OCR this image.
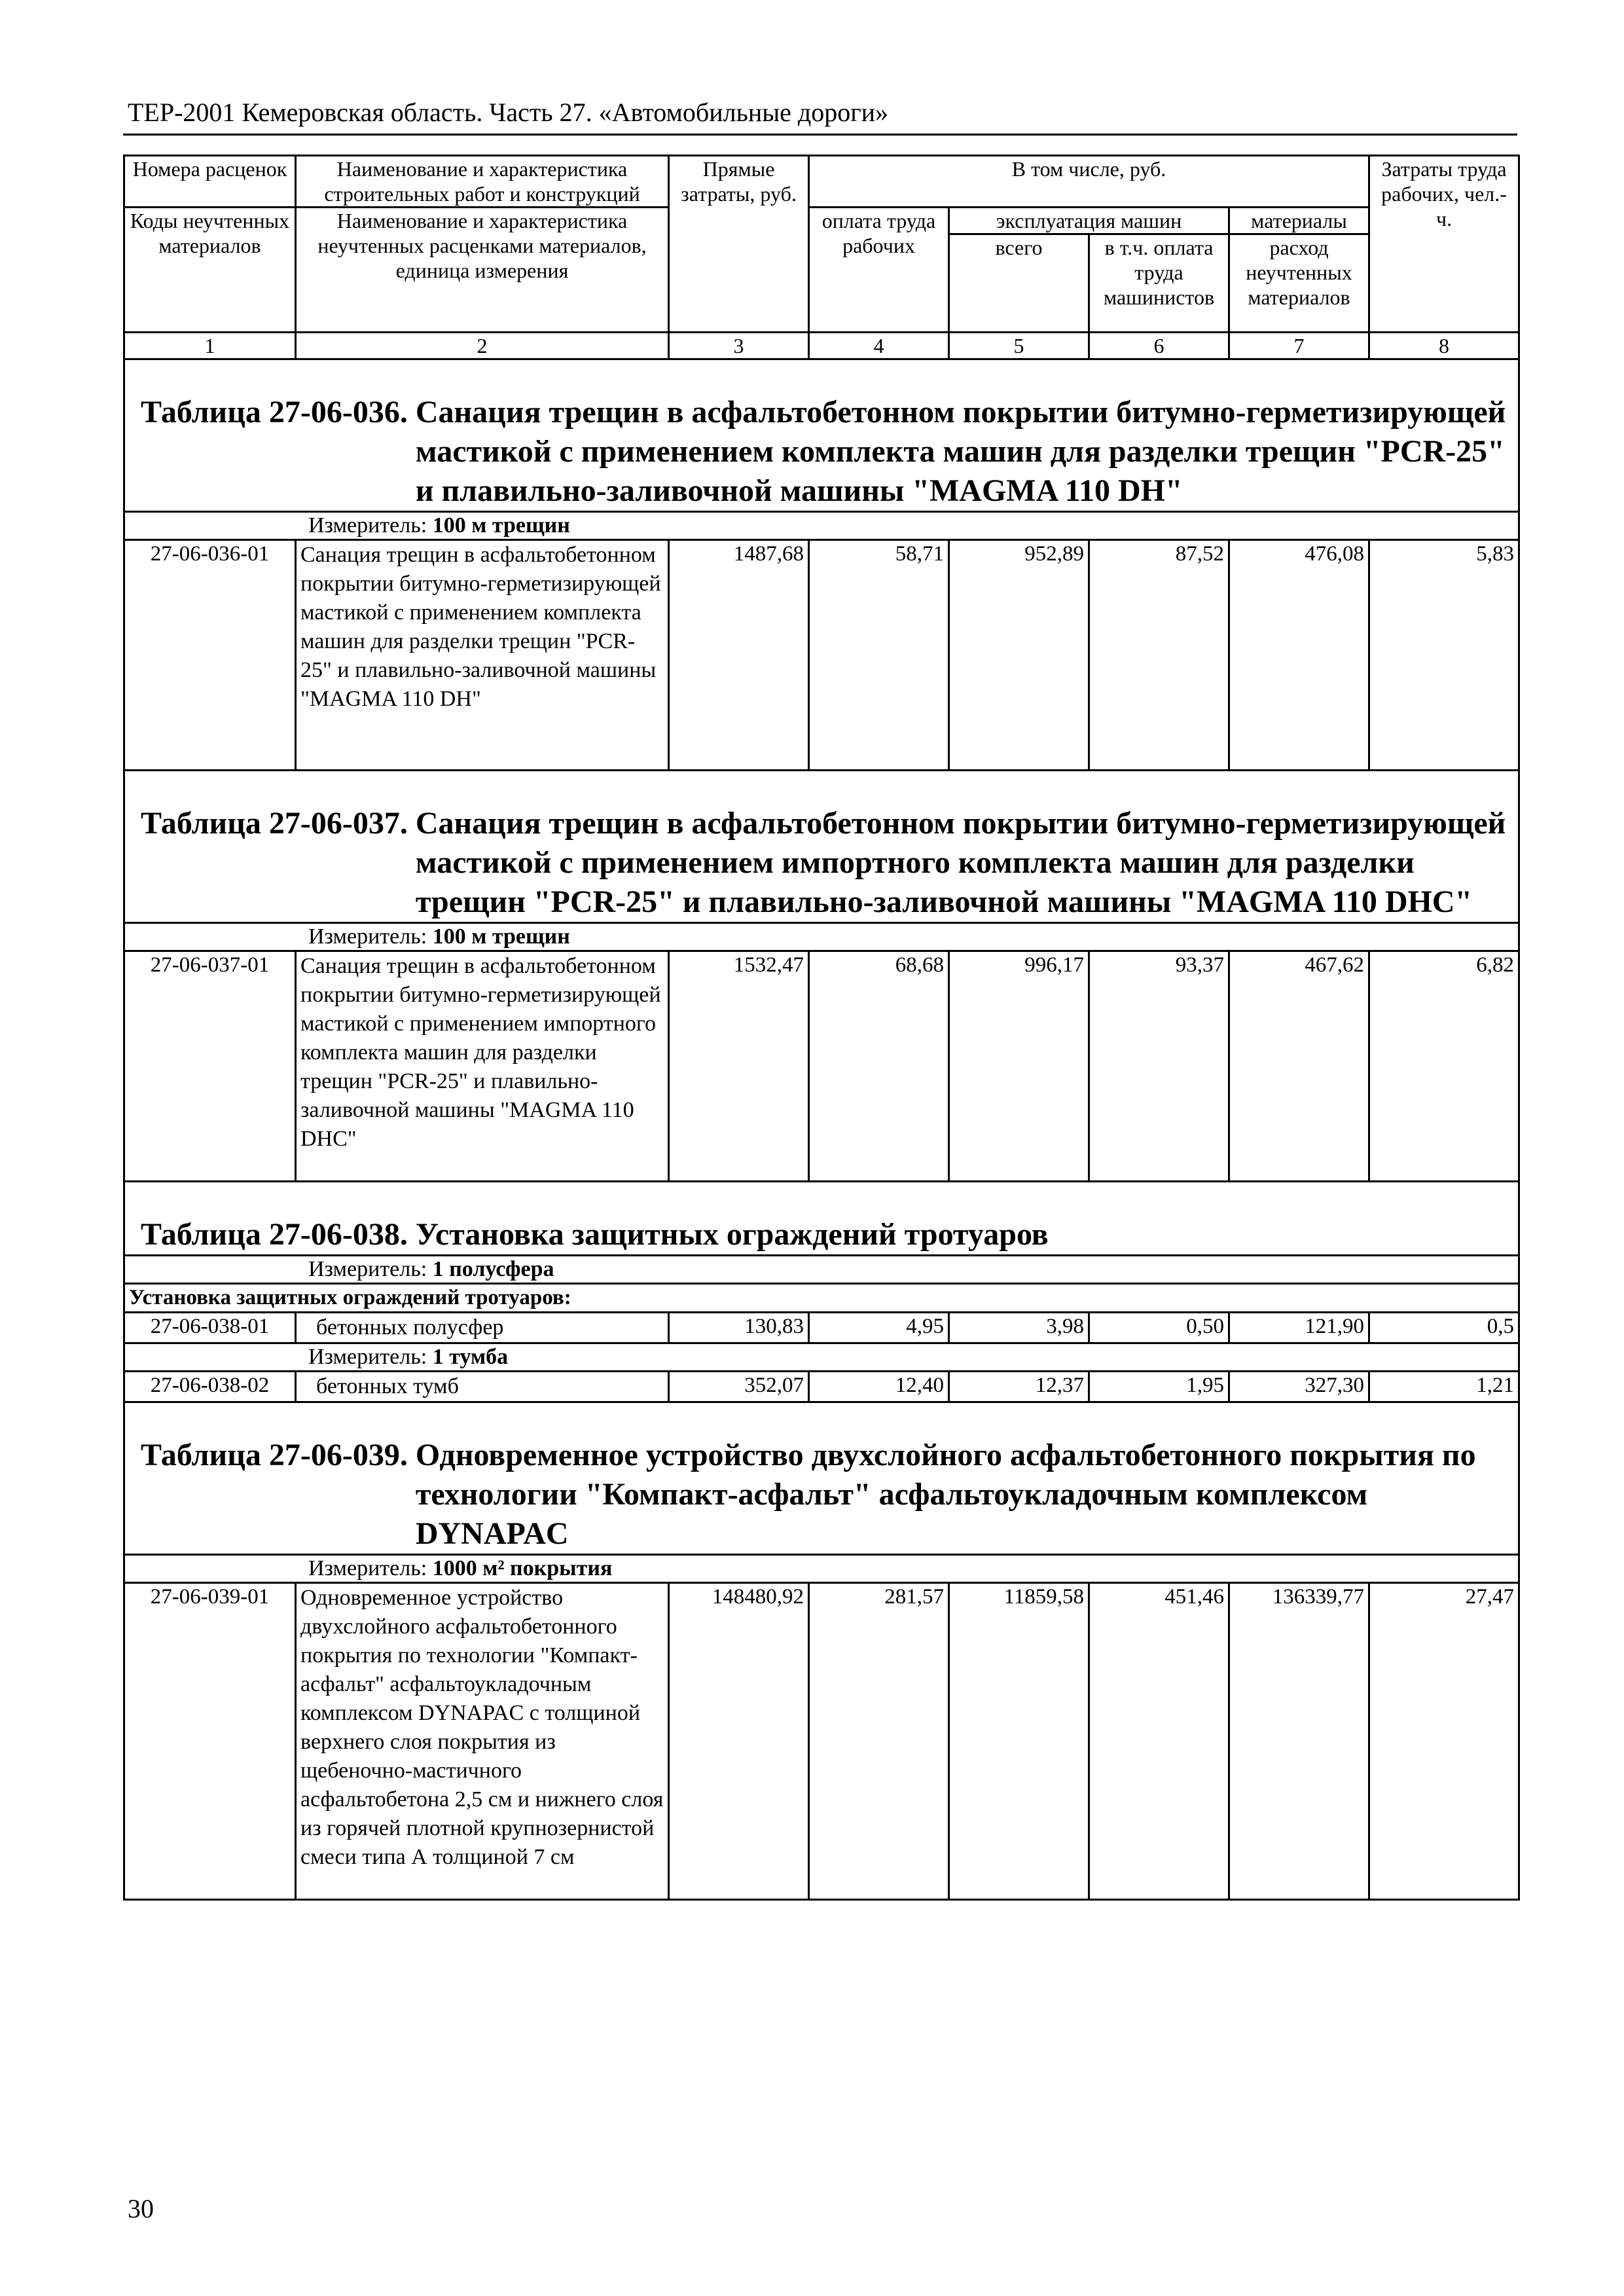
ТЕР-2001 Кемеровская область. Часть 27. «Автомобильные дороги»
Номера расценок	Наименование и характеристика строительных работ и конструкций	Прямые затраты, руб.	В том числе, руб.				Затраты труда рабочих, чел.-ч.
Коды неучтенных материалов	Наименование и характеристика неучтенных расценками материалов, единица измерения		оплата труда рабочих	эксплуатация машин		материалы	
				всего	в т.ч. оплата труда машинистов	расход неучтенных материалов	
1	2	3	4	5	6	7	8

Таблица 27-06-036. Санация трещин в асфальтобетонном покрытии битумно-герметизирующей мастикой с применением комплекта машин для разделки трещин "PCR-25" и плавильно-заливочной машины "MAGMA 110 DH"							

Измеритель: 100 м трещин							
27-06-036-01	Санация трещин в асфальтобетонном покрытии битумно-герметизирующей мастикой с применением комплекта машин для разделки трещин "PCR-25" и плавильно-заливочной машины "MAGMA 110 DH"	1487,68	58,71	952,89	87,52	476,08	5,83

Таблица 27-06-037. Санация трещин в асфальтобетонном покрытии битумно-герметизирующей мастикой с применением импортного комплекта машин для разделки трещин "PCR-25" и плавильно-заливочной машины "MAGMA 110 DHC"							

Измеритель: 100 м трещин							
27-06-037-01	Санация трещин в асфальтобетонном покрытии битумно-герметизирующей мастикой с применением импортного комплекта машин для разделки трещин "PCR-25" и плавильно-заливочной машины "MAGMA 110 DHC"	1532,47	68,68	996,17	93,37	467,62	6,82

Таблица 27-06-038. Установка защитных ограждений тротуаров							

Измеритель: 1 полусфера							
Установка защитных ограждений тротуаров:							
27-06-038-01	бетонных полусфер	130,83	4,95	3,98	0,50	121,90	0,5
Измеритель: 1 тумба							
27-06-038-02	бетонных тумб	352,07	12,40	12,37	1,95	327,30	1,21

Таблица 27-06-039. Одновременное устройство двухслойного асфальтобетонного покрытия по технологии "Компакт-асфальт" асфальтоукладочным комплексом DYNAPAC							

Измеритель: 1000 м² покрытия							
27-06-039-01	Одновременное устройство двухслойного асфальтобетонного покрытия по технологии "Компакт-асфальт" асфальтоукладочным комплексом DYNAPAC с толщиной верхнего слоя покрытия из щебеночно-мастичного асфальтобетона 2,5 см и нижнего слоя из горячей плотной крупнозернистой смеси типа А толщиной 7 см	148480,92	281,57	11859,58	451,46	136339,77	27,47
30
